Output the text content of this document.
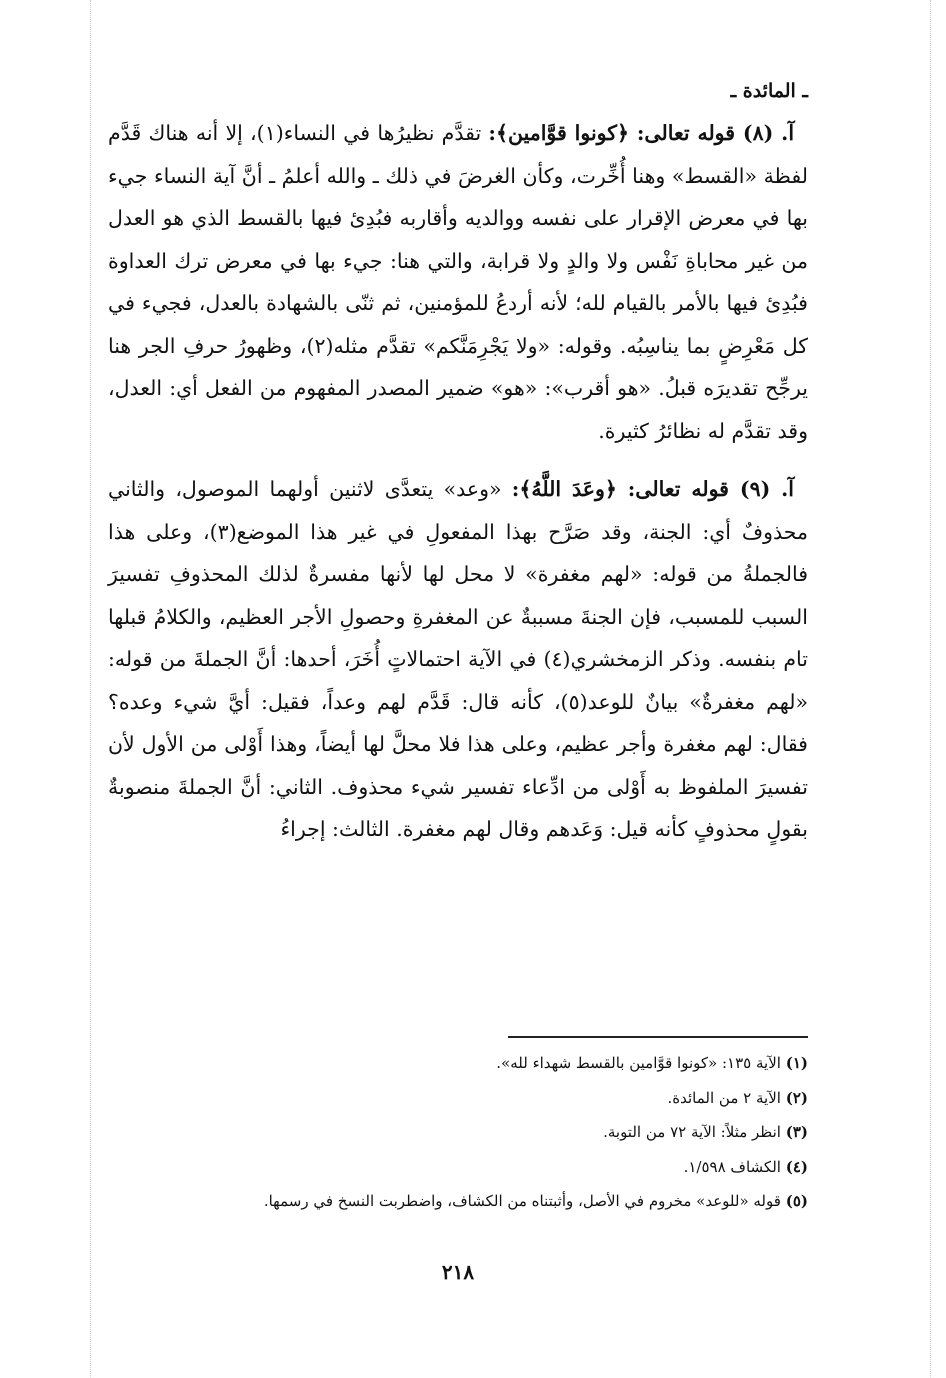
ـ المائدة ـ

آ. (٨) قوله تعالى: ﴿كونوا قوَّامين﴾: تقدَّم نظيرُها في النساء(١)، إلا أنه هناك قَدَّم لفظة «القسط» وهنا أُخِّرت، وكأن الغرضَ في ذلك ـ والله أعلمُ ـ أنَّ آية النساء جيء بها في معرض الإقرار على نفسه ووالديه وأقاربه فبُدِئ فيها بالقسط الذي هو العدل من غير محاباةِ نَفْس ولا والدٍ ولا قرابة، والتي هنا: جيء بها في معرض ترك العداوة فبُدِئ فيها بالأمر بالقيام لله؛ لأنه أردعُ للمؤمنين، ثم ثنّى بالشهادة بالعدل، فجيء في كل مَعْرِضٍ بما يناسِبُه. وقوله: «ولا يَجْرِمَنَّكم» تقدَّم مثله(٢)، وظهورُ حرفِ الجر هنا يرجِّح تقديرَه قبلُ. «هو أقرب»: «هو» ضمير المصدر المفهوم من الفعل أي: العدل، وقد تقدَّم له نظائرُ كثيرة.

آ. (٩) قوله تعالى: ﴿وعَدَ اللَّهُ﴾: «وعد» يتعدَّى لاثنين أولهما الموصول، والثاني محذوفٌ أي: الجنة، وقد صَرَّح بهذا المفعولِ في غير هذا الموضع(٣)، وعلى هذا فالجملةُ من قوله: «لهم مغفرة» لا محل لها لأنها مفسرةٌ لذلك المحذوفِ تفسيرَ السبب للمسبب، فإن الجنةَ مسببةٌ عن المغفرةِ وحصولِ الأجر العظيم، والكلامُ قبلها تام بنفسه. وذكر الزمخشري(٤) في الآية احتمالاتٍ أُخَرَ، أحدها: أنَّ الجملةَ من قوله: «لهم مغفرةٌ» بيانٌ للوعد(٥)، كأنه قال: قَدَّم لهم وعداً، فقيل: أيَّ شيء وعده؟ فقال: لهم مغفرة وأجر عظيم، وعلى هذا فلا محلَّ لها أيضاً، وهذا أَوْلى من الأول لأن تفسيرَ الملفوظ به أَوْلى من ادِّعاء تفسير شيء محذوف. الثاني: أنَّ الجملةَ منصوبةٌ بقولٍ محذوفٍ كأنه قيل: وَعَدهم وقال لهم مغفرة. الثالث: إجراءُ

(١) الآية ١٣٥: «كونوا قوَّامين بالقسط شهداء لله».
(٢) الآية ٢ من المائدة.
(٣) انظر مثلاً: الآية ٧٢ من التوبة.
(٤) الكشاف ١/٥٩٨.
(٥) قوله «للوعد» مخروم في الأصل، وأثبتناه من الكشاف، واضطربت النسخ في رسمها.
٢١٨
